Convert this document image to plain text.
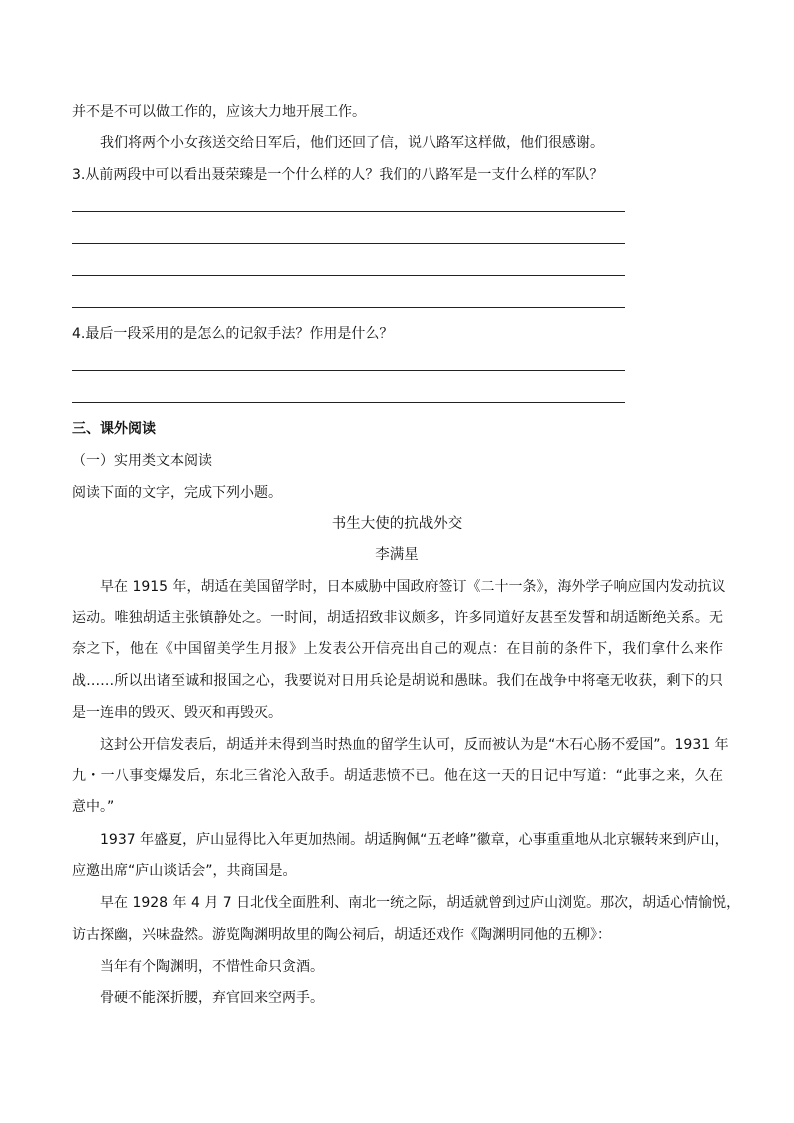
并不是不可以做工作的，应该大力地开展工作。
我们将两个小女孩送交给日军后，他们还回了信，说八路军这样做，他们很感谢。
3.从前两段中可以看出聂荣臻是一个什么样的人？我们的八路军是一支什么样的军队？
4.最后一段采用的是怎么的记叙手法？作用是什么？
三、课外阅读
（一）实用类文本阅读
阅读下面的文字，完成下列小题。
书生大使的抗战外交
李满星
早在 1915 年，胡适在美国留学时，日本威胁中国政府签订《二十一条》，海外学子响应国内发动抗议
运动。唯独胡适主张镇静处之。一时间，胡适招致非议颇多，许多同道好友甚至发誓和胡适断绝关系。无
奈之下，他在《中国留美学生月报》上发表公开信亮出自己的观点：在目前的条件下，我们拿什么来作
战……所以出诸至诚和报国之心，我要说对日用兵论是胡说和愚昧。我们在战争中将毫无收获，剩下的只
是一连串的毁灭、毁灭和再毁灭。
这封公开信发表后，胡适并未得到当时热血的留学生认可，反而被认为是“木石心肠不爱国”。1931 年
九・一八事变爆发后，东北三省沦入敌手。胡适悲愤不已。他在这一天的日记中写道：“此事之来，久在
意中。”
1937 年盛夏，庐山显得比入年更加热闹。胡适胸佩“五老峰”徽章，心事重重地从北京辗转来到庐山，
应邀出席“庐山谈话会”，共商国是。
早在 1928 年 4 月 7 日北伐全面胜利、南北一统之际，胡适就曾到过庐山浏览。那次，胡适心情愉悦，
访古探幽，兴味盎然。游览陶渊明故里的陶公祠后，胡适还戏作《陶渊明同他的五柳》：
当年有个陶渊明，不惜性命只贪酒。
骨硬不能深折腰，弃官回来空两手。
